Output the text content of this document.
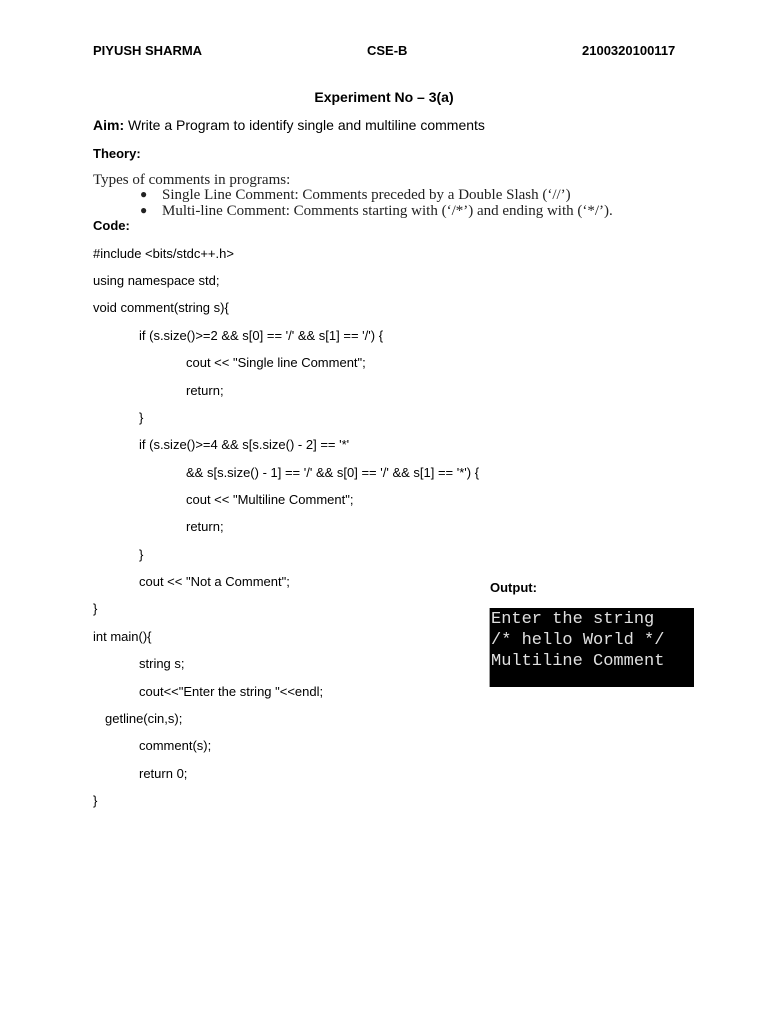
PIYUSH SHARMA	CSE-B	2100320100117
Experiment No – 3(a)
Aim: Write a Program to identify single and multiline comments
Theory:
Types of comments in programs:

●

Single Line Comment: Comments preceded by a Double Slash (‘//’)

●

Multi-line Comment: Comments starting with (‘/*’) and ending with (‘*/’).

Code:
#include <bits/stdc++.h>
using namespace std;
void comment(string s){
if (s.size()>=2 && s[0] == '/' && s[1] == '/') {
cout << "Single line Comment";
return;
}
if (s.size()>=4 && s[s.size() - 2] == '*'
&& s[s.size() - 1] == '/' && s[0] == '/' && s[1] == '*') {
cout << "Multiline Comment";
return;
}
cout << "Not a Comment";
}
int main(){
string s;
cout<<"Enter the string "<<endl;
getline(cin,s);
comment(s);
return 0;
}
Output:
Enter the string
/* hello World */
Multiline Comment
